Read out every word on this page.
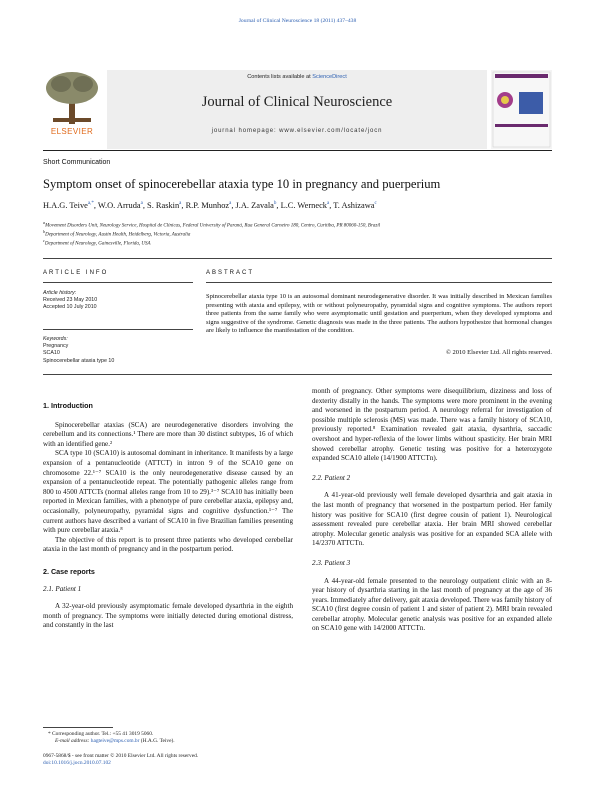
Journal of Clinical Neuroscience 18 (2011) 437–438
ELSEVIER
Contents lists available at ScienceDirect
Journal of Clinical Neuroscience
journal homepage: www.elsevier.com/locate/jocn
Short Communication
Symptom onset of spinocerebellar ataxia type 10 in pregnancy and puerperium
H.A.G. Teive$^{a,*}$, W.O. Arruda$^a$, S. Raskin$^a$, R.P. Munhoz$^a$, J.A. Zavala$^b$, L.C. Werneck$^a$, T. Ashizawa$^c$
$^a$Movement Disorders Unit, Neurology Service, Hospital de Clínicas, Federal University of Paraná, Rua General Carneiro 180, Centro, Curitiba, PR 80060-150, Brazil
$^b$Department of Neurology, Austin Health, Heidelberg, Victoria, Australia
$^c$Department of Neurology, Gainesville, Florida, USA
ARTICLE INFO	ABSTRACT
Article history:
Received 23 May 2010
Accepted 10 July 2010
Keywords:
Pregnancy
SCA10
Spinocerebellar ataxia type 10
Spinocerebellar ataxia type 10 is an autosomal dominant neurodegenerative disorder. It was initially described in Mexican families presenting with ataxia and epilepsy, with or without polyneuropathy, pyramidal signs and cognitive symptoms. The authors report three patients from the same family who were asymptomatic until gestation and puerperium, when they developed symptoms and signs suggestive of the syndrome. Genetic diagnosis was made in the three patients. The authors hypothesize that hormonal changes are likely to influence the manifestation of the condition.
© 2010 Elsevier Ltd. All rights reserved.
1. Introduction

Spinocerebellar ataxias (SCA) are neurodegenerative disorders involving the cerebellum and its connections.¹ There are more than 30 distinct subtypes, 16 of which with an identified gene.²

SCA type 10 (SCA10) is autosomal dominant in inheritance. It manifests by a large expansion of a pentanucleotide (ATTCT) in intron 9 of the SCA10 gene on chromosome 22.¹⁻⁷ SCA10 is the only neurodegenerative disease caused by an expansion of a pentanucleotide repeat. The potentially pathogenic alleles range from 800 to 4500 ATTCTs (normal alleles range from 10 to 29).³⁻⁷ SCA10 has initially been reported in Mexican families, with a phenotype of pure cerebellar ataxia, epilepsy and, occasionally, polyneuropathy, pyramidal signs and cognitive dysfunction.¹⁻⁷ The current authors have described a variant of SCA10 in five Brazilian families presenting with pure cerebellar ataxia.⁸

The objective of this report is to present three patients who developed cerebellar ataxia in the last month of pregnancy and in the postpartum period.

2. Case reports
2.1. Patient 1

A 32-year-old previously asymptomatic female developed dysarthria in the eighth month of pregnancy. The symptoms were initially detected during emotional distress, and constantly in the last

* Corresponding author. Tel.: +55 41 3019 5060.
E-mail address: hagteive@mps.com.br (H.A.G. Teive).
0967-5868/$ - see front matter © 2010 Elsevier Ltd. All rights reserved.
doi:10.1016/j.jocn.2010.07.102

month of pregnancy. Other symptoms were disequilibrium, dizziness and loss of dexterity distally in the hands. The symptoms were more prominent in the evening and worsened in the postpartum period. A neurology referral for investigation of possible multiple sclerosis (MS) was made. There was a family history of SCA10, previously reported.⁸ Examination revealed gait ataxia, dysarthria, saccadic overshoot and hyper-reflexia of the lower limbs without spasticity. Her brain MRI showed cerebellar atrophy. Genetic testing was positive for a heterozygote expanded SCA10 allele (14/1900 ATTCTn).

2.2. Patient 2

A 41-year-old previously well female developed dysarthria and gait ataxia in the last month of pregnancy that worsened in the postpartum period. Her family history was positive for SCA10 (first degree cousin of patient 1). Neurological assessment revealed pure cerebellar ataxia. Her brain MRI showed cerebellar atrophy. Molecular genetic analysis was positive for an expanded SCA allele with 14/2370 ATTCTn.

2.3. Patient 3

A 44-year-old female presented to the neurology outpatient clinic with an 8-year history of dysarthria starting in the last month of pregnancy at the age of 36 years. Immediately after delivery, gait ataxia developed. There was family history of SCA10 (first degree cousin of patient 1 and sister of patient 2). MRI brain revealed cerebellar atrophy. Molecular genetic analysis was positive for an expanded allele on SCA10 gene with 14/2000 ATTCTn.
